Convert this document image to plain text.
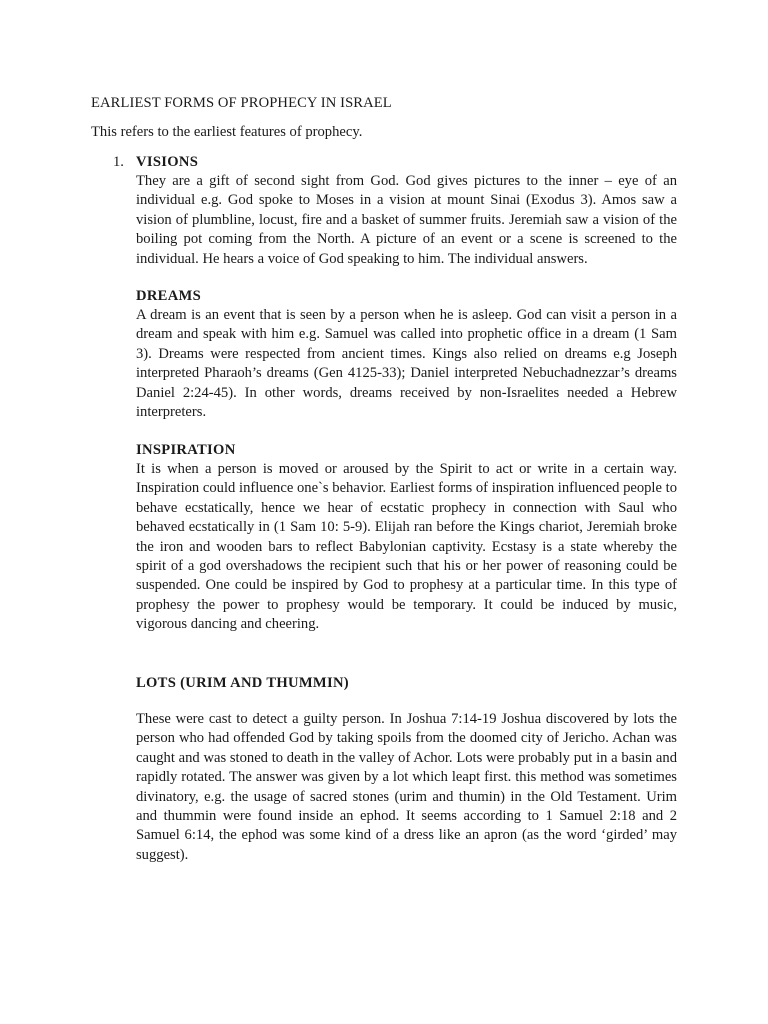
EARLIEST FORMS OF PROPHECY IN ISRAEL

This refers to the earliest features of prophecy.

1. VISIONS

They are a gift of second sight from God. God gives pictures to the inner – eye of an individual e.g. God spoke to Moses in a vision at mount Sinai (Exodus 3). Amos saw a vision of plumbline, locust, fire and a basket of summer fruits. Jeremiah saw a vision of the boiling pot coming from the North. A picture of an event or a scene is screened to the individual. He hears a voice of God speaking to him. The individual answers.

DREAMS

A dream is an event that is seen by a person when he is asleep. God can visit a person in a dream and speak with him e.g. Samuel was called into prophetic office in a dream (1 Sam 3). Dreams were respected from ancient times. Kings also relied on dreams e.g Joseph interpreted Pharaoh’s dreams (Gen 4125-33); Daniel interpreted Nebuchadnezzar’s dreams Daniel 2:24-45). In other words, dreams received by non-Israelites needed a Hebrew interpreters.

INSPIRATION

It is when a person is moved or aroused by the Spirit to act or write in a certain way. Inspiration could influence one`s behavior. Earliest forms of inspiration influenced people to behave ecstatically, hence we hear of ecstatic prophecy in connection with Saul who behaved ecstatically in (1 Sam 10: 5-9). Elijah ran before the Kings chariot, Jeremiah broke the iron and wooden bars to reflect Babylonian captivity. Ecstasy is a state whereby the spirit of a god overshadows the recipient such that his or her power of reasoning could be suspended. One could be inspired by God to prophesy at a particular time. In this type of prophesy the power to prophesy would be temporary. It could be induced by music, vigorous dancing and cheering.

LOTS (URIM AND THUMMIN)

These were cast to detect a guilty person. In Joshua 7:14-19 Joshua discovered by lots the person who had offended God by taking spoils from the doomed city of Jericho. Achan was caught and was stoned to death in the valley of Achor. Lots were probably put in a basin and rapidly rotated. The answer was given by a lot which leapt first. this method was sometimes divinatory, e.g. the usage of sacred stones (urim and thumin) in the Old Testament. Urim and thummin were found inside an ephod. It seems according to 1 Samuel 2:18 and 2 Samuel 6:14, the ephod was some kind of a dress like an apron (as the word ‘girded’ may suggest).
